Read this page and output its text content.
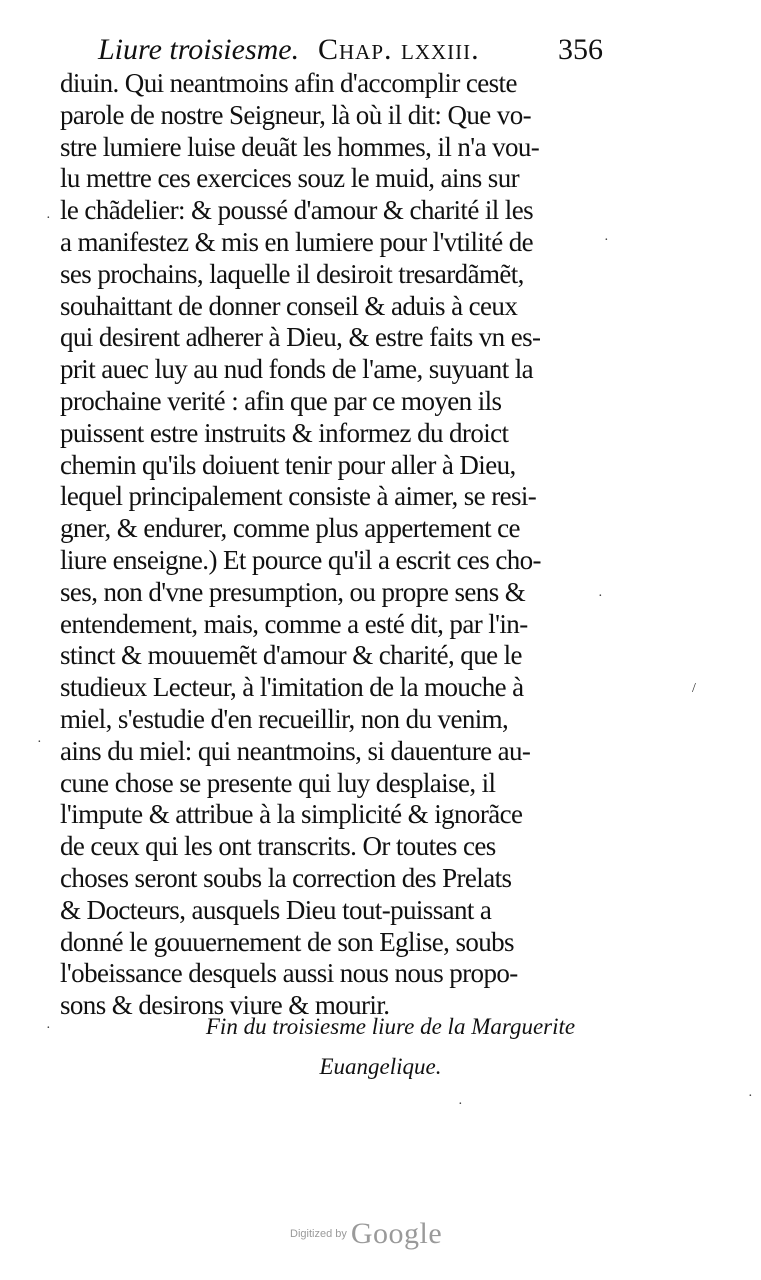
Liure troisiesme. Chap. lxxiii.	356
diuin. Qui neantmoins afin d'accomplir ceste
parole de nostre Seigneur, là où il dit: Que vo-
stre lumiere luise deuãt les hommes, il n'a vou-
lu mettre ces exercices souz le muid, ains sur
le chãdelier: & poussé d'amour & charité il les
a manifestez & mis en lumiere pour l'vtilité de
ses prochains, laquelle il desiroit tresardãmẽt,
souhaittant de donner conseil & aduis à ceux
qui desirent adherer à Dieu, & estre faits vn es-
prit auec luy au nud fonds de l'ame, suyuant la
prochaine verité : afin que par ce moyen ils
puissent estre instruits & informez du droict
chemin qu'ils doiuent tenir pour aller à Dieu,
lequel principalement consiste à aimer, se resi-
gner, & endurer, comme plus appertement ce
liure enseigne.) Et pource qu'il a escrit ces cho-
ses, non d'vne presumption, ou propre sens &
entendement, mais, comme a esté dit, par l'in-
stinct & mouuemẽt d'amour & charité, que le
studieux Lecteur, à l'imitation de la mouche à
miel, s'estudie d'en recueillir, non du venim,
ains du miel: qui neantmoins, si dauenture au-
cune chose se presente qui luy desplaise, il
l'impute & attribue à la simplicité & ignorãce
de ceux qui les ont transcrits. Or toutes ces
choses seront soubs la correction des Prelats
& Docteurs, ausquels Dieu tout-puissant a
donné le gouuernement de son Eglise, soubs
l'obeissance desquels aussi nous nous propo-
sons & desirons viure & mourir.
Fin du troisiesme liure de la Marguerite
Euangelique.
·
·
·
/
·
·
·
·
Digitized by Google
